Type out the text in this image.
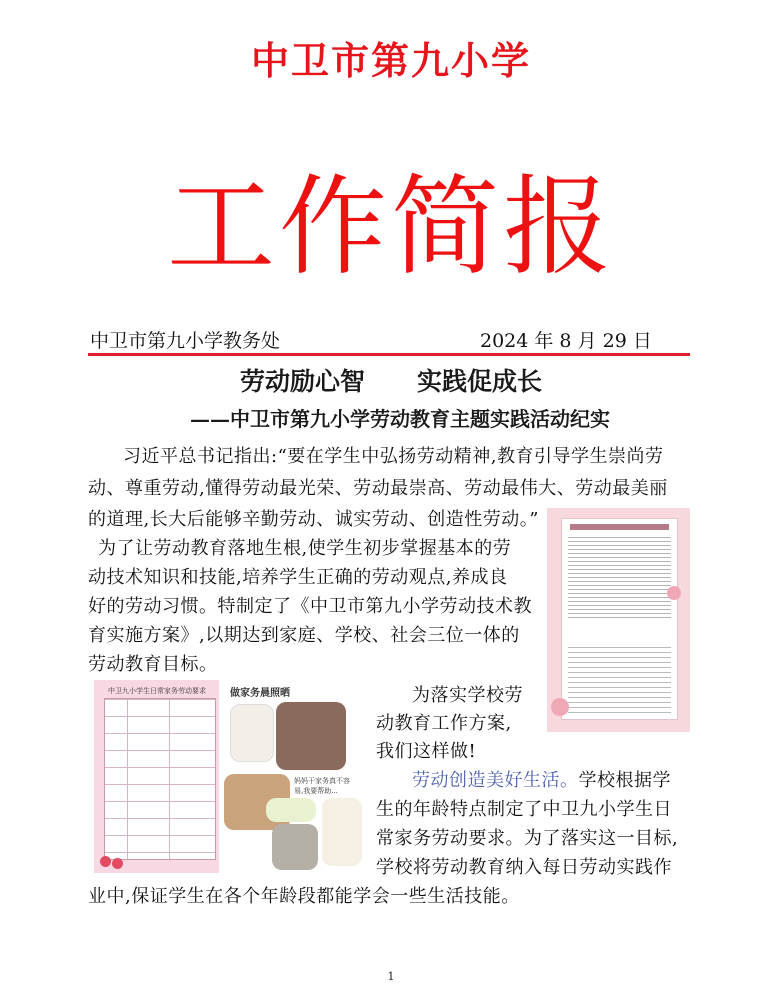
中卫市第九小学
工作简报
中卫市第九小学教务处	2024 年 8 月 29 日
劳动励心智 实践促成长
——中卫市第九小学劳动教育主题实践活动纪实
习近平总书记指出:“要在学生中弘扬劳动精神,教育引导学生崇尚劳
动、尊重劳动,懂得劳动最光荣、劳动最崇高、劳动最伟大、劳动最美丽
的道理,长大后能够辛勤劳动、诚实劳动、创造性劳动。”
为了让劳动教育落地生根,使学生初步掌握基本的劳
动技术知识和技能,培养学生正确的劳动观点,养成良
好的劳动习惯。特制定了《中卫市第九小学劳动技术教
育实施方案》,以期达到家庭、学校、社会三位一体的
劳动教育目标。
为落实学校劳
动教育工作方案,
我们这样做!
劳动创造美好生活。学校根据学
生的年龄特点制定了中卫九小学生日
常家务劳动要求。为了落实这一目标,
学校将劳动教育纳入每日劳动实践作
业中,保证学生在各个年龄段都能学会一些生活技能。
中卫九小学生日常家务劳动要求 做家务晨照晒
妈妈干家务真不容易,我要帮助...
1
